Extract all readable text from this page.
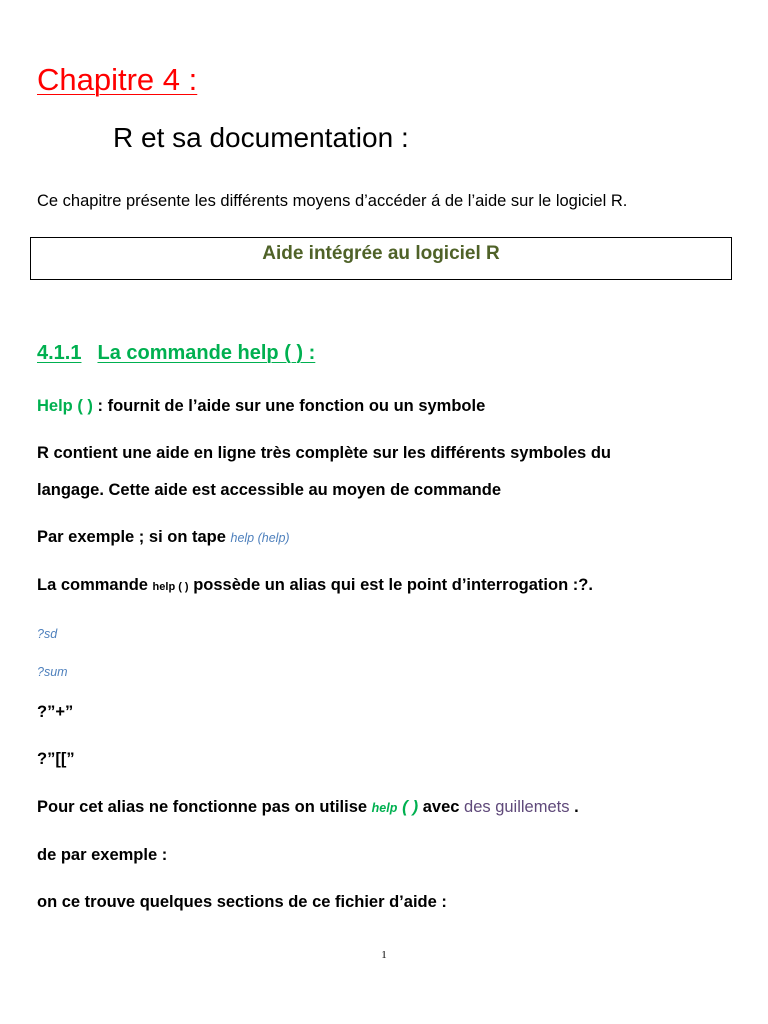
Chapitre 4 :
R et sa documentation :
Ce chapitre présente les différents moyens d’accéder á de l’aide sur le logiciel R.
Aide intégrée au logiciel R
4.1.1 La commande help ( ) :
Help ( ) : fournit de l’aide sur une fonction ou un symbole
R contient une aide en ligne très complète sur les différents symboles du
langage. Cette aide est accessible au moyen de commande
Par exemple ; si on tape help (help)
La commande help ( ) possède un alias qui est le point d’interrogation :?.
?sd
?sum
?”+”
?”[[”
Pour cet alias ne fonctionne pas on utilise help ( ) avec des guillemets .
de par exemple :
on ce trouve quelques sections de ce fichier d’aide :
1
